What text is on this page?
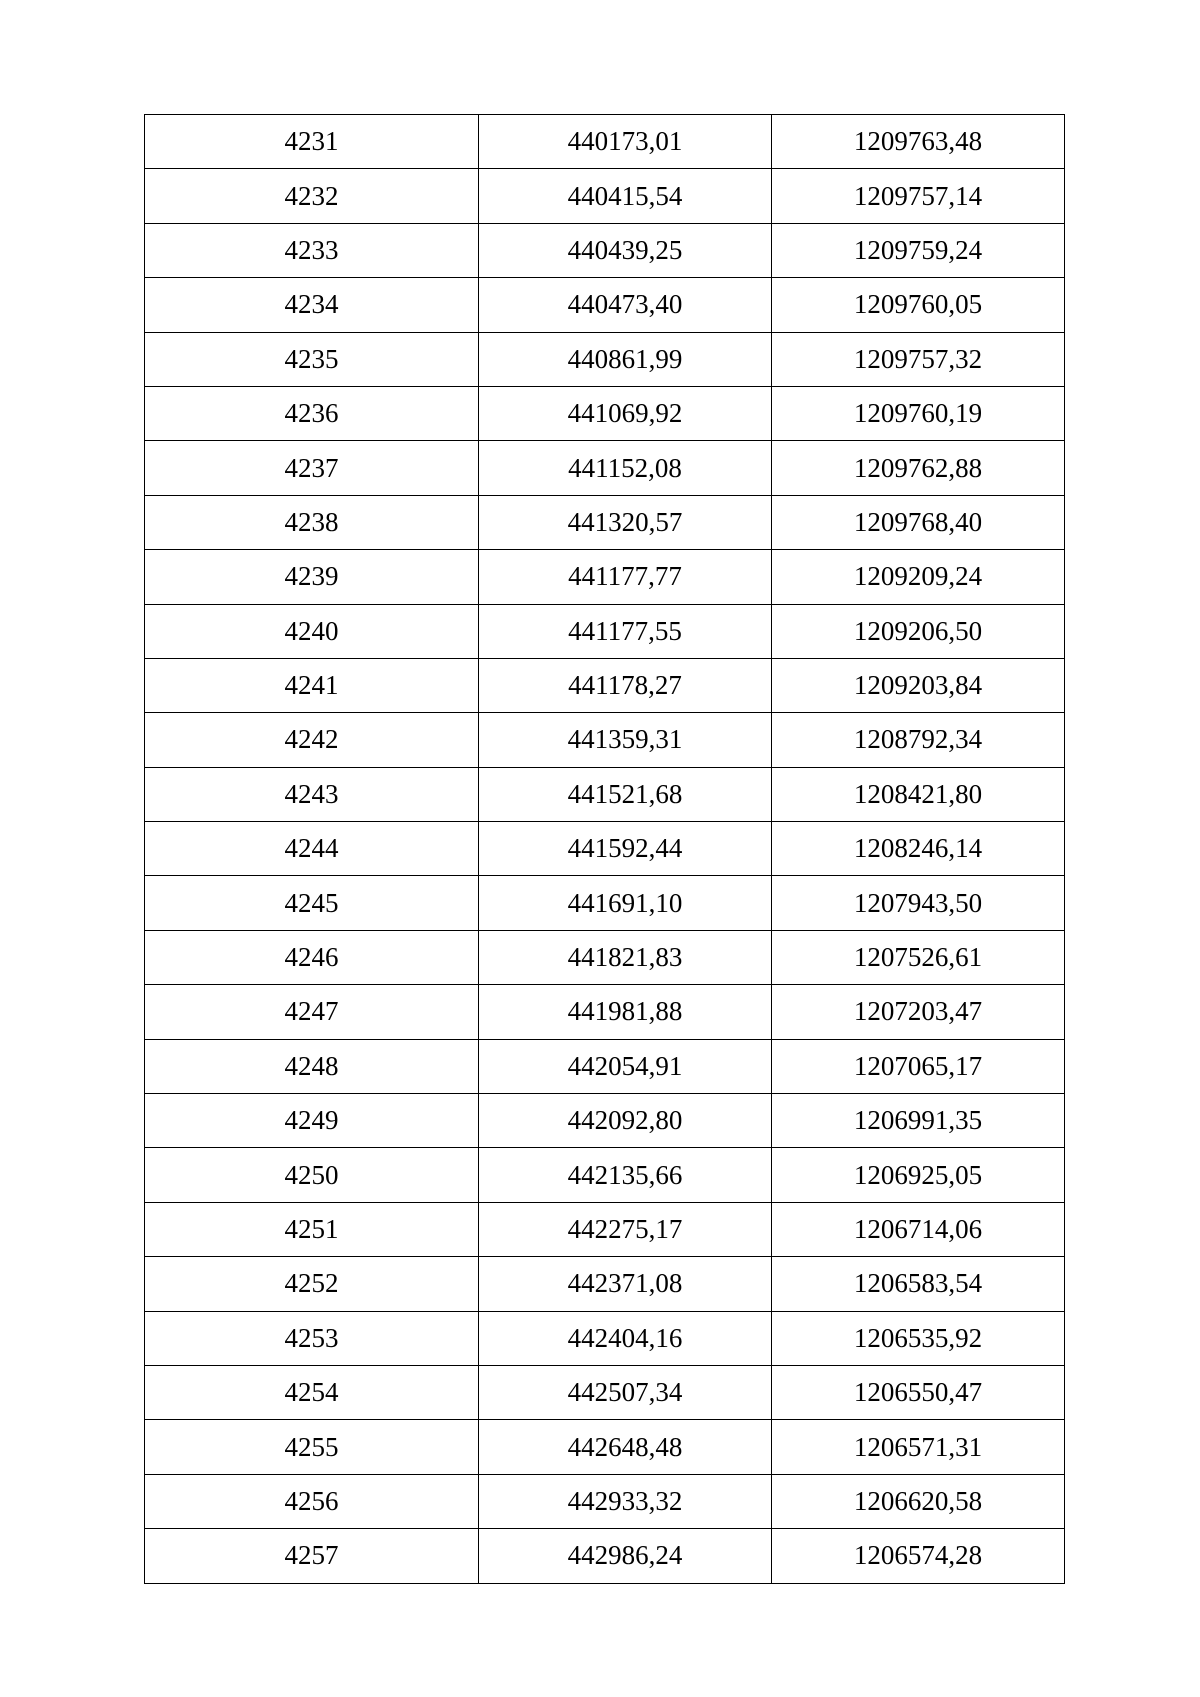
4231	440173,01	1209763,48
4232	440415,54	1209757,14
4233	440439,25	1209759,24
4234	440473,40	1209760,05
4235	440861,99	1209757,32
4236	441069,92	1209760,19
4237	441152,08	1209762,88
4238	441320,57	1209768,40
4239	441177,77	1209209,24
4240	441177,55	1209206,50
4241	441178,27	1209203,84
4242	441359,31	1208792,34
4243	441521,68	1208421,80
4244	441592,44	1208246,14
4245	441691,10	1207943,50
4246	441821,83	1207526,61
4247	441981,88	1207203,47
4248	442054,91	1207065,17
4249	442092,80	1206991,35
4250	442135,66	1206925,05
4251	442275,17	1206714,06
4252	442371,08	1206583,54
4253	442404,16	1206535,92
4254	442507,34	1206550,47
4255	442648,48	1206571,31
4256	442933,32	1206620,58
4257	442986,24	1206574,28
